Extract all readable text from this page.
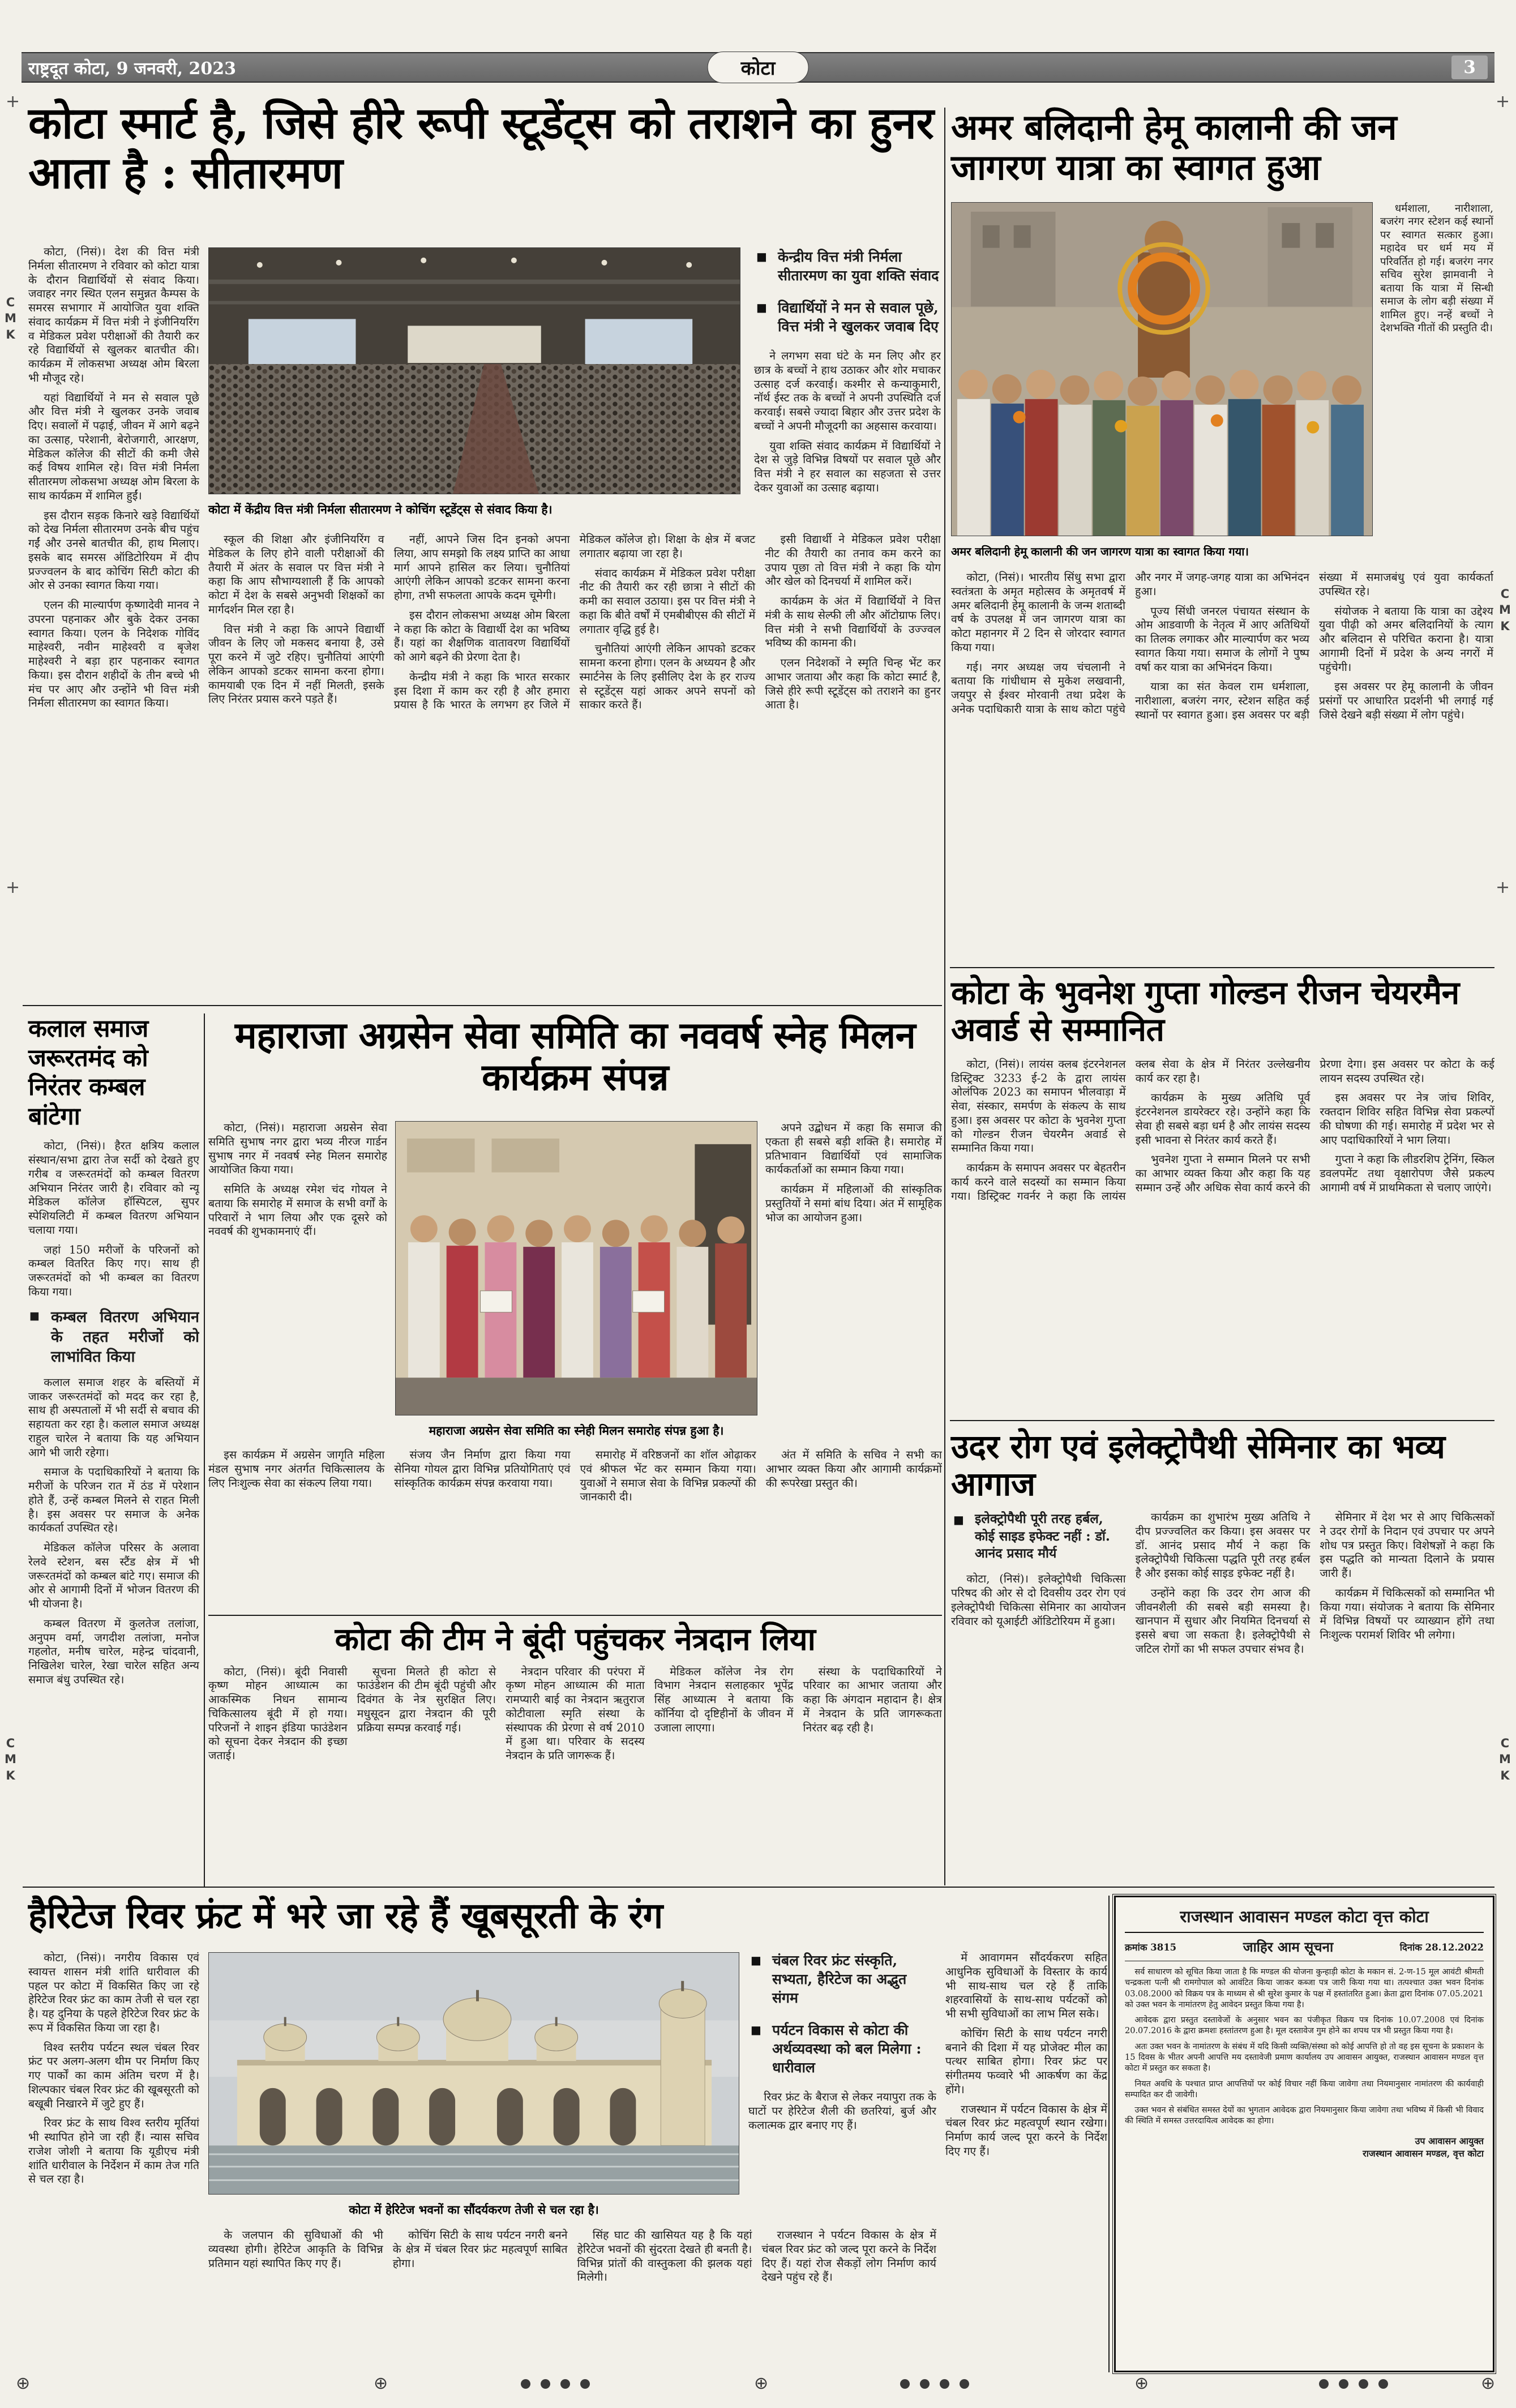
राष्ट्रदूत कोटा, 9 जनवरी, 2023	कोटा	3
कोटा स्मार्ट है, जिसे हीरे रूपी स्टूडेंट्स को तराशने का हुनर आता है : सीतारमण

कोटा, (निसं)। देश की वित्त मंत्री निर्मला सीतारमण ने रविवार को कोटा यात्रा के दौरान विद्यार्थियों से संवाद किया। जवाहर नगर स्थित एलन समुन्नत कैम्पस के समरस सभागार में आयोजित युवा शक्ति संवाद कार्यक्रम में वित्त मंत्री ने इंजीनियरिंग व मेडिकल प्रवेश परीक्षाओं की तैयारी कर रहे विद्यार्थियों से खुलकर बातचीत की। कार्यक्रम में लोकसभा अध्यक्ष ओम बिरला भी मौजूद रहे।

यहां विद्यार्थियों ने मन से सवाल पूछे और वित्त मंत्री ने खुलकर उनके जवाब दिए। सवालों में पढ़ाई, जीवन में आगे बढ़ने का उत्साह, परेशानी, बेरोजगारी, आरक्षण, मेडिकल कॉलेज की सीटों की कमी जैसे कई विषय शामिल रहे। वित्त मंत्री निर्मला सीतारमण लोकसभा अध्यक्ष ओम बिरला के साथ कार्यक्रम में शामिल हुईं।

इस दौरान सड़क किनारे खड़े विद्यार्थियों को देख निर्मला सीतारमण उनके बीच पहुंच गईं और उनसे बातचीत की, हाथ मिलाए। इसके बाद समरस ऑडिटोरियम में दीप प्रज्ज्वलन के बाद कोचिंग सिटी कोटा की ओर से उनका स्वागत किया गया।

एलन की माल्यार्पण कृष्णादेवी मानव ने उपरना पहनाकर और बुके देकर उनका स्वागत किया। एलन के निदेशक गोविंद माहेश्वरी, नवीन माहेश्वरी व बृजेश माहेश्वरी ने बड़ा हार पहनाकर स्वागत किया। इस दौरान शहीदों के तीन बच्चे भी मंच पर आए और उन्होंने भी वित्त मंत्री निर्मला सीतारमण का स्वागत किया।

■ केन्द्रीय वित्त मंत्री निर्मला सीतारमण का युवा शक्ति संवाद
■ विद्यार्थियों ने मन से सवाल पूछे, वित्त मंत्री ने खुलकर जवाब दिए

ने लगभग सवा घंटे के मन लिए और हर छात्र के बच्चों ने हाथ उठाकर और शोर मचाकर उत्साह दर्ज करवाई। कश्मीर से कन्याकुमारी, नॉर्थ ईस्ट तक के बच्चों ने अपनी उपस्थिति दर्ज करवाई। सबसे ज्यादा बिहार और उत्तर प्रदेश के बच्चों ने अपनी मौजूदगी का अहसास करवाया।

युवा शक्ति संवाद कार्यक्रम में विद्यार्थियों ने देश से जुड़े विभिन्न विषयों पर सवाल पूछे और वित्त मंत्री ने हर सवाल का सहजता से उत्तर देकर युवाओं का उत्साह बढ़ाया।

कोटा में केंद्रीय वित्त मंत्री निर्मला सीतारमण ने कोचिंग स्टूडेंट्स से संवाद किया है।

स्कूल की शिक्षा और इंजीनियरिंग व मेडिकल के लिए होने वाली परीक्षाओं की तैयारी में अंतर के सवाल पर वित्त मंत्री ने कहा कि आप सौभाग्यशाली हैं कि आपको कोटा में देश के सबसे अनुभवी शिक्षकों का मार्गदर्शन मिल रहा है।

वित्त मंत्री ने कहा कि आपने विद्यार्थी जीवन के लिए जो मकसद बनाया है, उसे पूरा करने में जुटे रहिए। चुनौतियां आएंगी लेकिन आपको डटकर सामना करना होगा। कामयाबी एक दिन में नहीं मिलती, इसके लिए निरंतर प्रयास करने पड़ते हैं।

नहीं, आपने जिस दिन इनको अपना लिया, आप समझो कि लक्ष्य प्राप्ति का आधा मार्ग आपने हासिल कर लिया। चुनौतियां आएंगी लेकिन आपको डटकर सामना करना होगा, तभी सफलता आपके कदम चूमेगी।

इस दौरान लोकसभा अध्यक्ष ओम बिरला ने कहा कि कोटा के विद्यार्थी देश का भविष्य हैं। यहां का शैक्षणिक वातावरण विद्यार्थियों को आगे बढ़ने की प्रेरणा देता है।

केन्द्रीय मंत्री ने कहा कि भारत सरकार इस दिशा में काम कर रही है और हमारा प्रयास है कि भारत के लगभग हर जिले में मेडिकल कॉलेज हो। शिक्षा के क्षेत्र में बजट लगातार बढ़ाया जा रहा है।

संवाद कार्यक्रम में मेडिकल प्रवेश परीक्षा नीट की तैयारी कर रही छात्रा ने सीटों की कमी का सवाल उठाया। इस पर वित्त मंत्री ने कहा कि बीते वर्षों में एमबीबीएस की सीटों में लगातार वृद्धि हुई है।

चुनौतियां आएंगी लेकिन आपको डटकर सामना करना होगा। एलन के अध्ययन है और स्मार्टनेस के लिए इसीलिए देश के हर राज्य से स्टूडेंट्स यहां आकर अपने सपनों को साकार करते हैं।

इसी विद्यार्थी ने मेडिकल प्रवेश परीक्षा नीट की तैयारी का तनाव कम करने का उपाय पूछा तो वित्त मंत्री ने कहा कि योग और खेल को दिनचर्या में शामिल करें।

कार्यक्रम के अंत में विद्यार्थियों ने वित्त मंत्री के साथ सेल्फी ली और ऑटोग्राफ लिए। वित्त मंत्री ने सभी विद्यार्थियों के उज्ज्वल भविष्य की कामना की।

एलन निदेशकों ने स्मृति चिन्ह भेंट कर आभार जताया और कहा कि कोटा स्मार्ट है, जिसे हीरे रूपी स्टूडेंट्स को तराशने का हुनर आता है।

अमर बलिदानी हेमू कालानी की जन जागरण यात्रा का स्वागत हुआ

धर्मशाला, नारीशाला, बजरंग नगर स्टेशन कई स्थानों पर स्वागत सत्कार हुआ। महादेव घर धर्म मय में परिवर्तित हो गई। बजरंग नगर सचिव सुरेश झामवानी ने बताया कि यात्रा में सिन्धी समाज के लोग बड़ी संख्या में शामिल हुए। नन्हें बच्चों ने देशभक्ति गीतों की प्रस्तुति दी।

अमर बलिदानी हेमू कालानी की जन जागरण यात्रा का स्वागत किया गया।

कोटा, (निसं)। भारतीय सिंधु सभा द्वारा स्वतंत्रता के अमृत महोत्सव के अमृतवर्ष में अमर बलिदानी हेमू कालानी के जन्म शताब्दी वर्ष के उपलक्ष में जन जागरण यात्रा का कोटा महानगर में 2 दिन से जोरदार स्वागत किया गया।

गई। नगर अध्यक्ष जय चंचलानी ने बताया कि गांधीधाम से मुकेश लखवानी, जयपुर से ईश्वर मोरवानी तथा प्रदेश के अनेक पदाधिकारी यात्रा के साथ कोटा पहुंचे और नगर में जगह-जगह यात्रा का अभिनंदन हुआ।

पूज्य सिंधी जनरल पंचायत संस्थान के ओम आडवाणी के नेतृत्व में आए अतिथियों का तिलक लगाकर और माल्यार्पण कर भव्य स्वागत किया गया। समाज के लोगों ने पुष्प वर्षा कर यात्रा का अभिनंदन किया।

यात्रा का संत केवल राम धर्मशाला, नारीशाला, बजरंग नगर, स्टेशन सहित कई स्थानों पर स्वागत हुआ। इस अवसर पर बड़ी संख्या में समाजबंधु एवं युवा कार्यकर्ता उपस्थित रहे।

संयोजक ने बताया कि यात्रा का उद्देश्य युवा पीढ़ी को अमर बलिदानियों के त्याग और बलिदान से परिचित कराना है। यात्रा आगामी दिनों में प्रदेश के अन्य नगरों में पहुंचेगी।

इस अवसर पर हेमू कालानी के जीवन प्रसंगों पर आधारित प्रदर्शनी भी लगाई गई जिसे देखने बड़ी संख्या में लोग पहुंचे।

कोटा के भुवनेश गुप्ता गोल्डन रीजन चेयरमैन अवार्ड से सम्मानित

कोटा, (निसं)। लायंस क्लब इंटरनेशनल डिस्ट्रिक्ट 3233 ई-2 के द्वारा लायंस ओलंपिक 2023 का समापन भीलवाड़ा में सेवा, संस्कार, समर्पण के संकल्प के साथ हुआ। इस अवसर पर कोटा के भुवनेश गुप्ता को गोल्डन रीजन चेयरमैन अवार्ड से सम्मानित किया गया।

कार्यक्रम के समापन अवसर पर बेहतरीन कार्य करने वाले सदस्यों का सम्मान किया गया। डिस्ट्रिक्ट गवर्नर ने कहा कि लायंस क्लब सेवा के क्षेत्र में निरंतर उल्लेखनीय कार्य कर रहा है।

कार्यक्रम के मुख्य अतिथि पूर्व इंटरनेशनल डायरेक्टर रहे। उन्होंने कहा कि सेवा ही सबसे बड़ा धर्म है और लायंस सदस्य इसी भावना से निरंतर कार्य करते हैं।

भुवनेश गुप्ता ने सम्मान मिलने पर सभी का आभार व्यक्त किया और कहा कि यह सम्मान उन्हें और अधिक सेवा कार्य करने की प्रेरणा देगा। इस अवसर पर कोटा के कई लायन सदस्य उपस्थित रहे।

इस अवसर पर नेत्र जांच शिविर, रक्तदान शिविर सहित विभिन्न सेवा प्रकल्पों की घोषणा की गई। समारोह में प्रदेश भर से आए पदाधिकारियों ने भाग लिया।

गुप्ता ने कहा कि लीडरशिप ट्रेनिंग, स्किल डवलपमेंट तथा वृक्षारोपण जैसे प्रकल्प आगामी वर्ष में प्राथमिकता से चलाए जाएंगे।

उदर रोग एवं इलेक्ट्रोपैथी सेमिनार का भव्य आगाज
■ इलेक्ट्रोपैथी पूरी तरह हर्बल, कोई साइड इफेक्ट नहीं : डॉ. आनंद प्रसाद मौर्य

कोटा, (निसं)। इलेक्ट्रोपैथी चिकित्सा परिषद की ओर से दो दिवसीय उदर रोग एवं इलेक्ट्रोपैथी चिकित्सा सेमिनार का आयोजन रविवार को यूआईटी ऑडिटोरियम में हुआ।

कार्यक्रम का शुभारंभ मुख्य अतिथि ने दीप प्रज्ज्वलित कर किया। इस अवसर पर डॉ. आनंद प्रसाद मौर्य ने कहा कि इलेक्ट्रोपैथी चिकित्सा पद्धति पूरी तरह हर्बल है और इसका कोई साइड इफेक्ट नहीं है।

उन्होंने कहा कि उदर रोग आज की जीवनशैली की सबसे बड़ी समस्या है। खानपान में सुधार और नियमित दिनचर्या से इससे बचा जा सकता है। इलेक्ट्रोपैथी से जटिल रोगों का भी सफल उपचार संभव है।

सेमिनार में देश भर से आए चिकित्सकों ने उदर रोगों के निदान एवं उपचार पर अपने शोध पत्र प्रस्तुत किए। विशेषज्ञों ने कहा कि इस पद्धति को मान्यता दिलाने के प्रयास जारी हैं।

कार्यक्रम में चिकित्सकों को सम्मानित भी किया गया। संयोजक ने बताया कि सेमिनार में विभिन्न विषयों पर व्याख्यान होंगे तथा निःशुल्क परामर्श शिविर भी लगेगा।

कलाल समाज जरूरतमंद को निरंतर कम्बल बांटेगा

कोटा, (निसं)। हैरत क्षत्रिय कलाल संस्थान/सभा द्वारा तेज सर्दी को देखते हुए गरीब व जरूरतमंदों को कम्बल वितरण अभियान निरंतर जारी है। रविवार को न्यू मेडिकल कॉलेज हॉस्पिटल, सुपर स्पेशियलिटी में कम्बल वितरण अभियान चलाया गया।

जहां 150 मरीजों के परिजनों को कम्बल वितरित किए गए। साथ ही जरूरतमंदों को भी कम्बल का वितरण किया गया।

■ कम्बल वितरण अभियान के तहत मरीजों को लाभांवित किया

कलाल समाज शहर के बस्तियों में जाकर जरूरतमंदों को मदद कर रहा है, साथ ही अस्पतालों में भी सर्दी से बचाव की सहायता कर रहा है। कलाल समाज अध्यक्ष राहुल चारेल ने बताया कि यह अभियान आगे भी जारी रहेगा।

समाज के पदाधिकारियों ने बताया कि मरीजों के परिजन रात में ठंड में परेशान होते हैं, उन्हें कम्बल मिलने से राहत मिली है। इस अवसर पर समाज के अनेक कार्यकर्ता उपस्थित रहे।

मेडिकल कॉलेज परिसर के अलावा रेलवे स्टेशन, बस स्टैंड क्षेत्र में भी जरूरतमंदों को कम्बल बांटे गए। समाज की ओर से आगामी दिनों में भोजन वितरण की भी योजना है।

कम्बल वितरण में कुलतेज तलांजा, अनुपम वर्मा, जगदीश तलांजा, मनोज गहलोत, मनीष चारेल, महेन्द्र चांदवानी, निखिलेश चारेल, रेखा चारेल सहित अन्य समाज बंधु उपस्थित रहे।

महाराजा अग्रसेन सेवा समिति का नववर्ष स्नेह मिलन कार्यक्रम संपन्न

कोटा, (निसं)। महाराजा अग्रसेन सेवा समिति सुभाष नगर द्वारा भव्य नीरज गार्डन सुभाष नगर में नववर्ष स्नेह मिलन समारोह आयोजित किया गया।

समिति के अध्यक्ष रमेश चंद गोयल ने बताया कि समारोह में समाज के सभी वर्गों के परिवारों ने भाग लिया और एक दूसरे को नववर्ष की शुभकामनाएं दीं।

अपने उद्बोधन में कहा कि समाज की एकता ही सबसे बड़ी शक्ति है। समारोह में प्रतिभावान विद्यार्थियों एवं सामाजिक कार्यकर्ताओं का सम्मान किया गया।

कार्यक्रम में महिलाओं की सांस्कृतिक प्रस्तुतियों ने समां बांध दिया। अंत में सामूहिक भोज का आयोजन हुआ।

महाराजा अग्रसेन सेवा समिति का स्नेही मिलन समारोह संपन्न हुआ है।

इस कार्यक्रम में अग्रसेन जागृति महिला मंडल सुभाष नगर अंतर्गत चिकित्सालय के लिए निःशुल्क सेवा का संकल्प लिया गया।

संजय जैन निर्माण द्वारा किया गया सेनिया गोयल द्वारा विभिन्न प्रतियोगिताएं एवं सांस्कृतिक कार्यक्रम संपन्न करवाया गया।

समारोह में वरिष्ठजनों का शॉल ओढ़ाकर एवं श्रीफल भेंट कर सम्मान किया गया। युवाओं ने समाज सेवा के विभिन्न प्रकल्पों की जानकारी दी।

अंत में समिति के सचिव ने सभी का आभार व्यक्त किया और आगामी कार्यक्रमों की रूपरेखा प्रस्तुत की।

कोटा की टीम ने बूंदी पहुंचकर नेत्रदान लिया

कोटा, (निसं)। बूंदी निवासी कृष्ण मोहन आध्यात्म का आकस्मिक निधन सामान्य चिकित्सालय बूंदी में हो गया। परिजनों ने शाइन इंडिया फाउंडेशन को सूचना देकर नेत्रदान की इच्छा जताई।

सूचना मिलते ही कोटा से फाउंडेशन की टीम बूंदी पहुंची और दिवंगत के नेत्र सुरक्षित लिए। मधुसूदन द्वारा नेत्रदान की पूरी प्रक्रिया सम्पन्न करवाई गई।

नेत्रदान परिवार की परंपरा में कृष्ण मोहन आध्यात्म की माता रामप्यारी बाई का नेत्रदान ऋतुराज कोटीवाला स्मृति संस्था के संस्थापक की प्रेरणा से वर्ष 2010 में हुआ था। परिवार के सदस्य नेत्रदान के प्रति जागरूक हैं।

मेडिकल कॉलेज नेत्र रोग विभाग नेत्रदान सलाहकार भूपेंद्र सिंह आध्यात्म ने बताया कि कॉर्निया दो दृष्टिहीनों के जीवन में उजाला लाएगा।

संस्था के पदाधिकारियों ने परिवार का आभार जताया और कहा कि अंगदान महादान है। क्षेत्र में नेत्रदान के प्रति जागरूकता निरंतर बढ़ रही है।

हैरिटेज रिवर फ्रंट में भरे जा रहे हैं खूबसूरती के रंग

कोटा, (निसं)। नगरीय विकास एवं स्वायत्त शासन मंत्री शांति धारीवाल की पहल पर कोटा में विकसित किए जा रहे हेरिटेज रिवर फ्रंट का काम तेजी से चल रहा है। यह दुनिया के पहले हेरिटेज रिवर फ्रंट के रूप में विकसित किया जा रहा है।

विश्व स्तरीय पर्यटन स्थल चंबल रिवर फ्रंट पर अलग-अलग थीम पर निर्माण किए गए पार्कों का काम अंतिम चरण में है। शिल्पकार चंबल रिवर फ्रंट की खूबसूरती को बखूबी निखारने में जुटे हुए हैं।

रिवर फ्रंट के साथ विश्व स्तरीय मूर्तियां भी स्थापित होने जा रही हैं। न्यास सचिव राजेश जोशी ने बताया कि यूडीएच मंत्री शांति धारीवाल के निर्देशन में काम तेज गति से चल रहा है।

■ चंबल रिवर फ्रंट संस्कृति, सभ्यता, हैरिटेज का अद्भुत संगम
■ पर्यटन विकास से कोटा की अर्थव्यवस्था को बल मिलेगा : धारीवाल

रिवर फ्रंट के बैराज से लेकर नयापुरा तक के घाटों पर हेरिटेज शैली की छतरियां, बुर्ज और कलात्मक द्वार बनाए गए हैं।

में आवागमन सौंदर्यकरण सहित आधुनिक सुविधाओं के विस्तार के कार्य भी साथ-साथ चल रहे हैं ताकि शहरवासियों के साथ-साथ पर्यटकों को भी सभी सुविधाओं का लाभ मिल सके।

कोचिंग सिटी के साथ पर्यटन नगरी बनाने की दिशा में यह प्रोजेक्ट मील का पत्थर साबित होगा। रिवर फ्रंट पर संगीतमय फव्वारे भी आकर्षण का केंद्र होंगे।

राजस्थान में पर्यटन विकास के क्षेत्र में चंबल रिवर फ्रंट महत्वपूर्ण स्थान रखेगा। निर्माण कार्य जल्द पूरा करने के निर्देश दिए गए हैं।

कोटा में हेरिटेज भवनों का सौंदर्यकरण तेजी से चल रहा है।

के जलपान की सुविधाओं की भी व्यवस्था होगी। हेरिटेज आकृति के विभिन्न प्रतिमान यहां स्थापित किए गए हैं।

कोचिंग सिटी के साथ पर्यटन नगरी बनने के क्षेत्र में चंबल रिवर फ्रंट महत्वपूर्ण साबित होगा।

सिंह घाट की खासियत यह है कि यहां हेरिटेज भवनों की सुंदरता देखते ही बनती है। विभिन्न प्रांतों की वास्तुकला की झलक यहां मिलेगी।

राजस्थान ने पर्यटन विकास के क्षेत्र में चंबल रिवर फ्रंट को जल्द पूरा करने के निर्देश दिए हैं। यहां रोज सैकड़ों लोग निर्माण कार्य देखने पहुंच रहे हैं।

राजस्थान आवासन मण्डल कोटा वृत्त कोटा
क्रमांक 3815	जाहिर आम सूचना	दिनांक 28.12.2022

सर्व साधारण को सूचित किया जाता है कि मण्डल की योजना कुन्हाड़ी कोटा के मकान सं. 2-ण-15 मूल आवंटी श्रीमती चन्द्रकला पत्नी श्री रामगोपाल को आवंटित किया जाकर कब्जा पत्र जारी किया गया था। तत्पश्चात उक्त भवन दिनांक 03.08.2000 को विक्रय पत्र के माध्यम से श्री सुरेश कुमार के पक्ष में हस्तांतरित हुआ। क्रेता द्वारा दिनांक 07.05.2021 को उक्त भवन के नामांतरण हेतु आवेदन प्रस्तुत किया गया है।

आवेदक द्वारा प्रस्तुत दस्तावेजों के अनुसार भवन का पंजीकृत विक्रय पत्र दिनांक 10.07.2008 एवं दिनांक 20.07.2016 के द्वारा क्रमशः हस्तांतरण हुआ है। मूल दस्तावेज गुम होने का शपथ पत्र भी प्रस्तुत किया गया है।

अतः उक्त भवन के नामांतरण के संबंध में यदि किसी व्यक्ति/संस्था को कोई आपत्ति हो तो वह इस सूचना के प्रकाशन के 15 दिवस के भीतर अपनी आपत्ति मय दस्तावेजी प्रमाण कार्यालय उप आवासन आयुक्त, राजस्थान आवासन मण्डल वृत्त कोटा में प्रस्तुत कर सकता है।

नियत अवधि के पश्चात प्राप्त आपत्तियों पर कोई विचार नहीं किया जावेगा तथा नियमानुसार नामांतरण की कार्यवाही सम्पादित कर दी जावेगी।

उक्त भवन से संबंधित समस्त देयों का भुगतान आवेदक द्वारा नियमानुसार किया जावेगा तथा भविष्य में किसी भी विवाद की स्थिति में समस्त उत्तरदायित्व आवेदक का होगा।

उप आवासन आयुक्त
राजस्थान आवासन मण्डल, वृत्त कोटा
C
M
K
C
M
K
C
M
K
C
M
K
+	+
+	+
⊕	⊕	⊕	⊕	⊕
